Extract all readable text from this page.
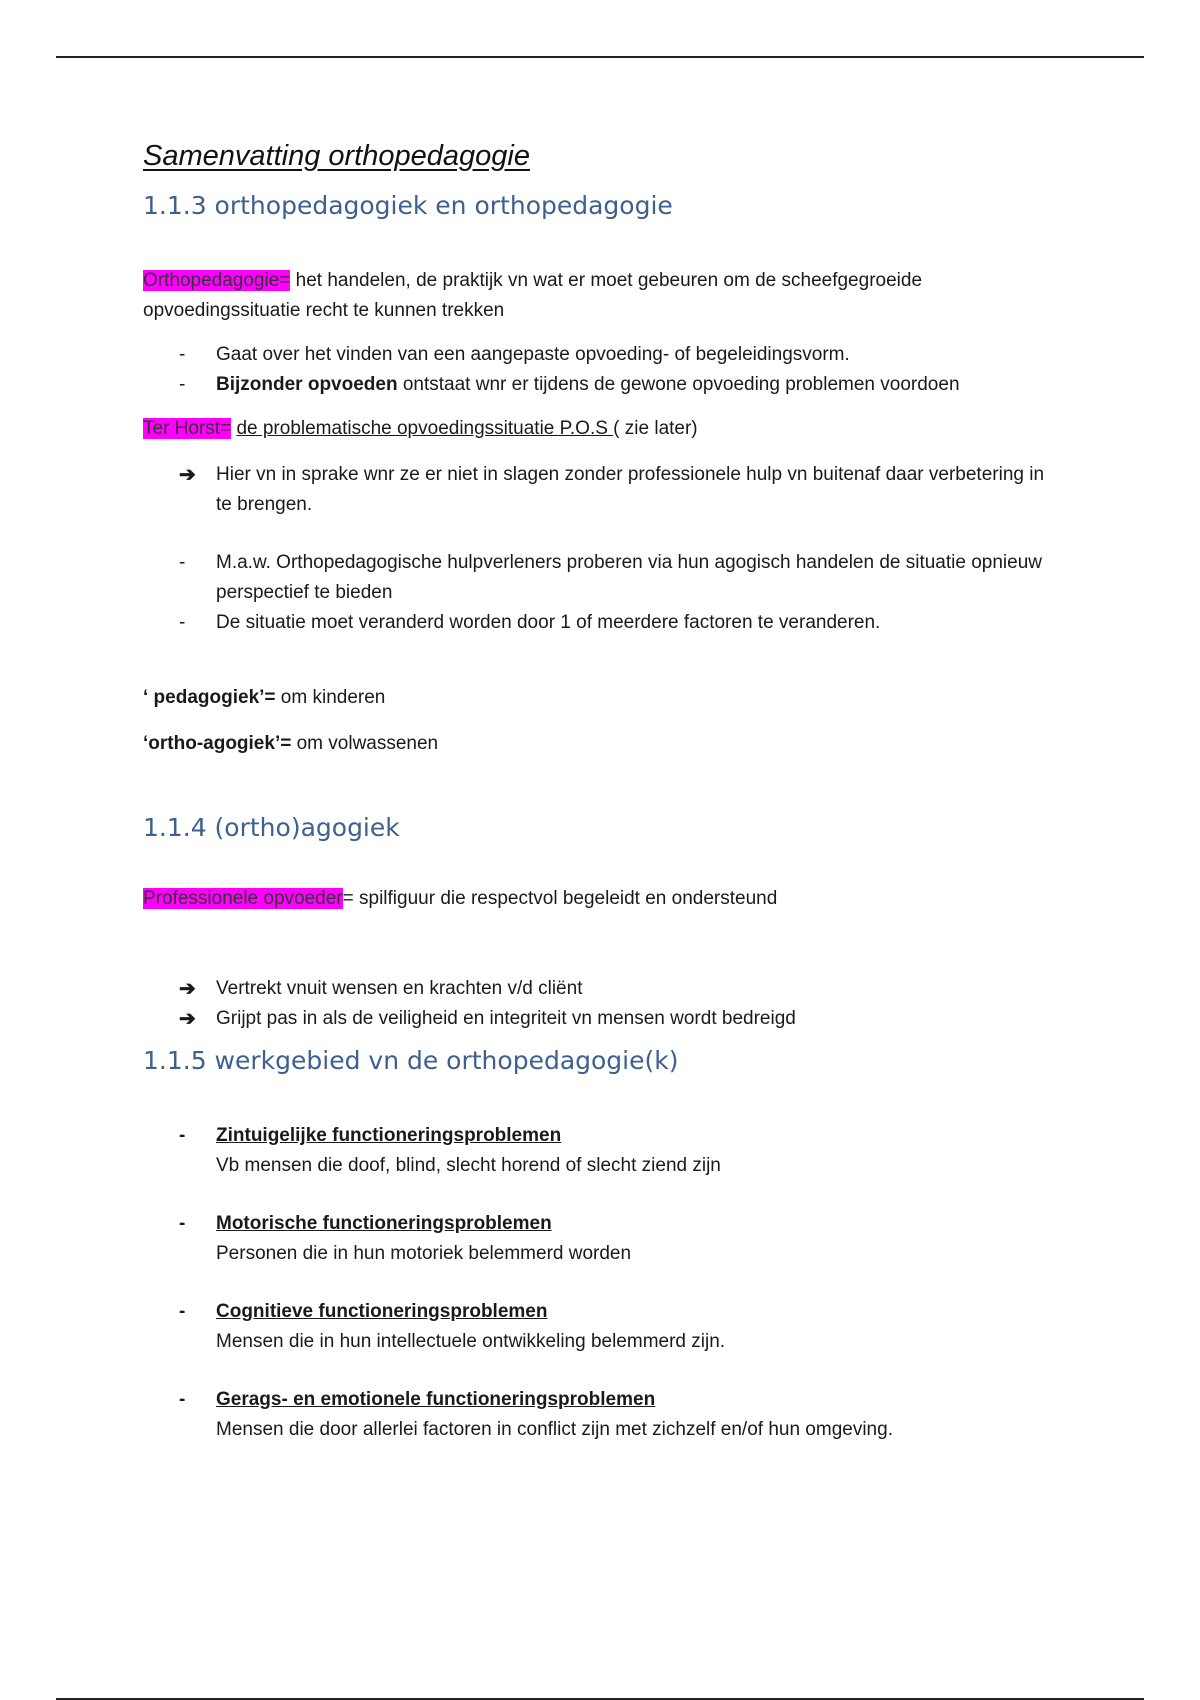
Samenvatting orthopedagogie
1.1.3 orthopedagogiek en orthopedagogie

Orthopedagogie= het handelen, de praktijk vn wat er moet gebeuren om de scheefgegroeide opvoedingssituatie recht te kunnen trekken

-
Gaat over het vinden van een aangepaste opvoeding- of begeleidingsvorm.
-
Bijzonder opvoeden ontstaat wnr er tijdens de gewone opvoeding problemen voordoen

Ter Horst= de problematische opvoedingssituatie P.O.S ( zie later)

➔	Hier vn in sprake wnr ze er niet in slagen zonder professionele hulp vn buitenaf daar verbetering in te brengen.
-
M.a.w. Orthopedagogische hulpverleners proberen via hun agogisch handelen de situatie opnieuw perspectief te bieden
-
De situatie moet veranderd worden door 1 of meerdere factoren te veranderen.

‘ pedagogiek’= om kinderen

‘ortho-agogiek’= om volwassenen

1.1.4 (ortho)agogiek

Professionele opvoeder= spilfiguur die respectvol begeleidt en ondersteund

➔	Vertrekt vnuit wensen en krachten v/d cliënt
➔	Grijpt pas in als de veiligheid en integriteit vn mensen wordt bedreigd
1.1.5 werkgebied vn de orthopedagogie(k)
-
Zintuigelijke functioneringsproblemen
Vb mensen die doof, blind, slecht horend of slecht ziend zijn
-
Motorische functioneringsproblemen
Personen die in hun motoriek belemmerd worden
-
Cognitieve functioneringsproblemen
Mensen die in hun intellectuele ontwikkeling belemmerd zijn.
-
Gerags- en emotionele functioneringsproblemen
Mensen die door allerlei factoren in conflict zijn met zichzelf en/of hun omgeving.
